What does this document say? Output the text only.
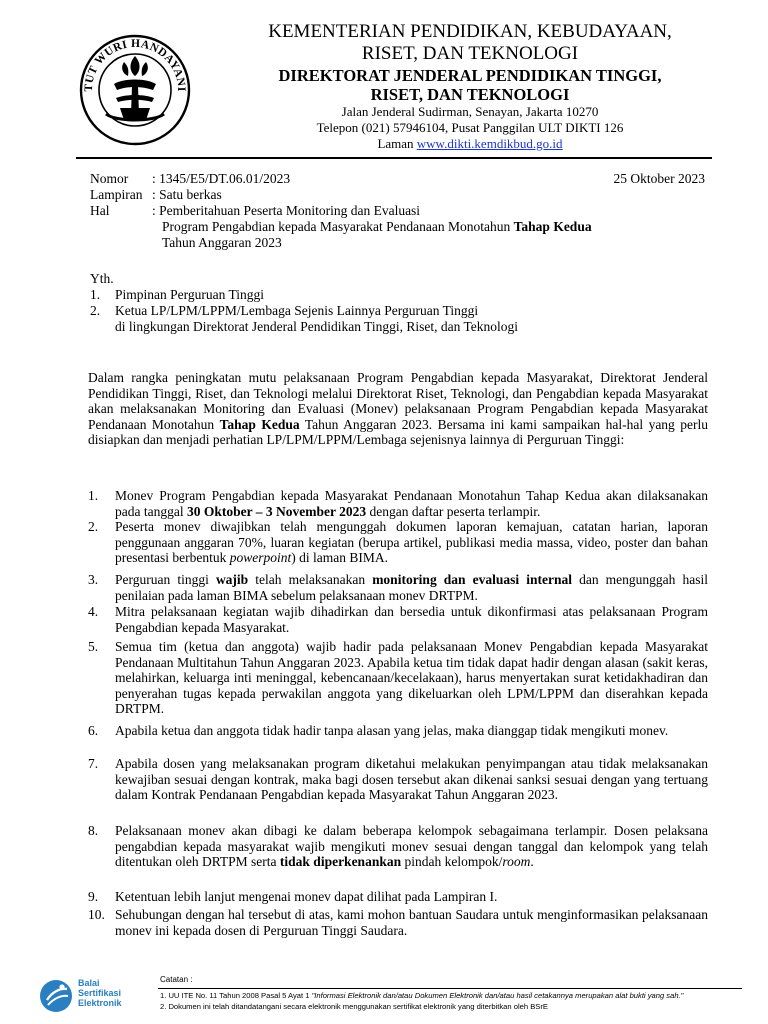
TUT WURI HANDAYANI
KEMENTERIAN PENDIDIKAN, KEBUDAYAAN,
RISET, DAN TEKNOLOGI
DIREKTORAT JENDERAL PENDIDIKAN TINGGI,
RISET, DAN TEKNOLOGI
Jalan Jenderal Sudirman, Senayan, Jakarta 10270
Telepon (021) 57946104, Pusat Panggilan ULT DIKTI 126
Laman www.dikti.kemdikbud.go.id
Nomor : 1345/E5/DT.06.01/2023	25 Oktober 2023
Lampiran : Satu berkas
Hal	: Pemberitahuan Peserta Monitoring dan Evaluasi
Program Pengabdian kepada Masyarakat Pendanaan Monotahun Tahap Kedua
Tahun Anggaran 2023
Yth.
1. Pimpinan Perguruan Tinggi
2. Ketua LP/LPM/LPPM/Lembaga Sejenis Lainnya Perguruan Tinggi
di lingkungan Direktorat Jenderal Pendidikan Tinggi, Riset, dan Teknologi
Dalam rangka peningkatan mutu pelaksanaan Program Pengabdian kepada Masyarakat, Direktorat Jenderal Pendidikan Tinggi, Riset, dan Teknologi melalui Direktorat Riset, Teknologi, dan Pengabdian kepada Masyarakat akan melaksanakan Monitoring dan Evaluasi (Monev) pelaksanaan Program Pengabdian kepada Masyarakat Pendanaan Monotahun Tahap Kedua Tahun Anggaran 2023. Bersama ini kami sampaikan hal-hal yang perlu disiapkan dan menjadi perhatian LP/LPM/LPPM/Lembaga sejenisnya lainnya di Perguruan Tinggi:
1.	Monev Program Pengabdian kepada Masyarakat Pendanaan Monotahun Tahap Kedua akan dilaksanakan pada tanggal 30 Oktober – 3 November 2023 dengan daftar peserta terlampir.
2.	Peserta monev diwajibkan telah mengunggah dokumen laporan kemajuan, catatan harian, laporan penggunaan anggaran 70%, luaran kegiatan (berupa artikel, publikasi media massa, video, poster dan bahan presentasi berbentuk powerpoint) di laman BIMA.
3.	Perguruan tinggi wajib telah melaksanakan monitoring dan evaluasi internal dan mengunggah hasil penilaian pada laman BIMA sebelum pelaksanaan monev DRTPM.
4.	Mitra pelaksanaan kegiatan wajib dihadirkan dan bersedia untuk dikonfirmasi atas pelaksanaan Program Pengabdian kepada Masyarakat.
5.	Semua tim (ketua dan anggota) wajib hadir pada pelaksanaan Monev Pengabdian kepada Masyarakat Pendanaan Multitahun Tahun Anggaran 2023. Apabila ketua tim tidak dapat hadir dengan alasan (sakit keras, melahirkan, keluarga inti meninggal, kebencanaan/kecelakaan), harus menyertakan surat ketidakhadiran dan penyerahan tugas kepada perwakilan anggota yang dikeluarkan oleh LPM/LPPM dan diserahkan kepada DRTPM.
6.	Apabila ketua dan anggota tidak hadir tanpa alasan yang jelas, maka dianggap tidak mengikuti monev.
7.	Apabila dosen yang melaksanakan program diketahui melakukan penyimpangan atau tidak melaksanakan kewajiban sesuai dengan kontrak, maka bagi dosen tersebut akan dikenai sanksi sesuai dengan yang tertuang dalam Kontrak Pendanaan Pengabdian kepada Masyarakat Tahun Anggaran 2023.
8.	Pelaksanaan monev akan dibagi ke dalam beberapa kelompok sebagaimana terlampir. Dosen pelaksana pengabdian kepada masyarakat wajib mengikuti monev sesuai dengan tanggal dan kelompok yang telah ditentukan oleh DRTPM serta tidak diperkenankan pindah kelompok/room.
9.	Ketentuan lebih lanjut mengenai monev dapat dilihat pada Lampiran I.
10. Sehubungan dengan hal tersebut di atas, kami mohon bantuan Saudara untuk menginformasikan pelaksanaan monev ini kepada dosen di Perguruan Tinggi Saudara.
Balai
Sertifikasi
Elektronik
Catatan :
1. UU ITE No. 11 Tahun 2008 Pasal 5 Ayat 1 "Informasi Elektronik dan/atau Dokumen Elektronik dan/atau hasil cetakannya merupakan alat bukti yang sah."
2. Dokumen ini telah ditandatangani secara elektronik menggunakan sertifikat elektronik yang diterbitkan oleh BSrE
